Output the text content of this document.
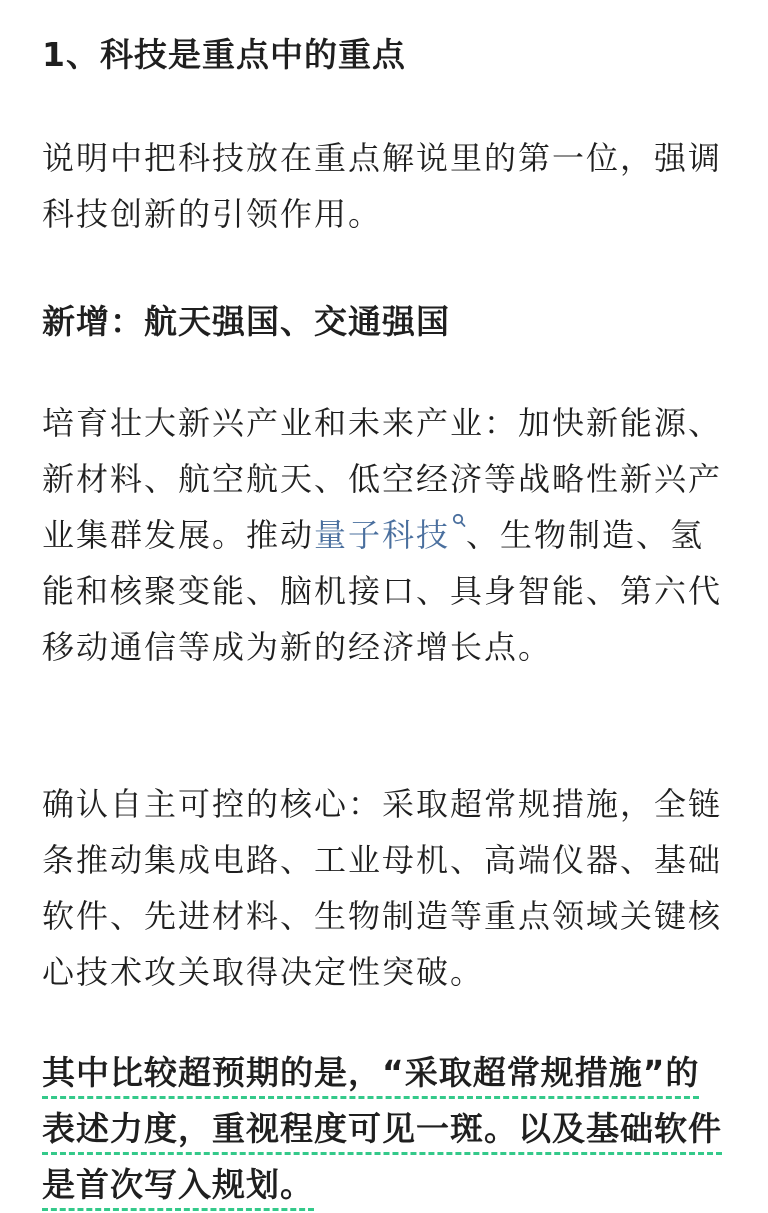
1、科技是重点中的重点

说明中把科技放在重点解说里的第一位，强调科技创新的引领作用。

新增：航天强国、交通强国

培育壮大新兴产业和未来产业：加快新能源、新材料、航空航天、低空经济等战略性新兴产业集群发展。推动量子科技 、生物制造、氢能和核聚变能、脑机接口、具身智能、第六代移动通信等成为新的经济增长点。

确认自主可控的核心：采取超常规措施，全链条推动集成电路、工业母机、高端仪器、基础软件、先进材料、生物制造等重点领域关键核心技术攻关取得决定性突破。

其中比较超预期的是，“采取超常规措施”的表述力度，重视程度可见一斑。以及基础软件是首次写入规划。
